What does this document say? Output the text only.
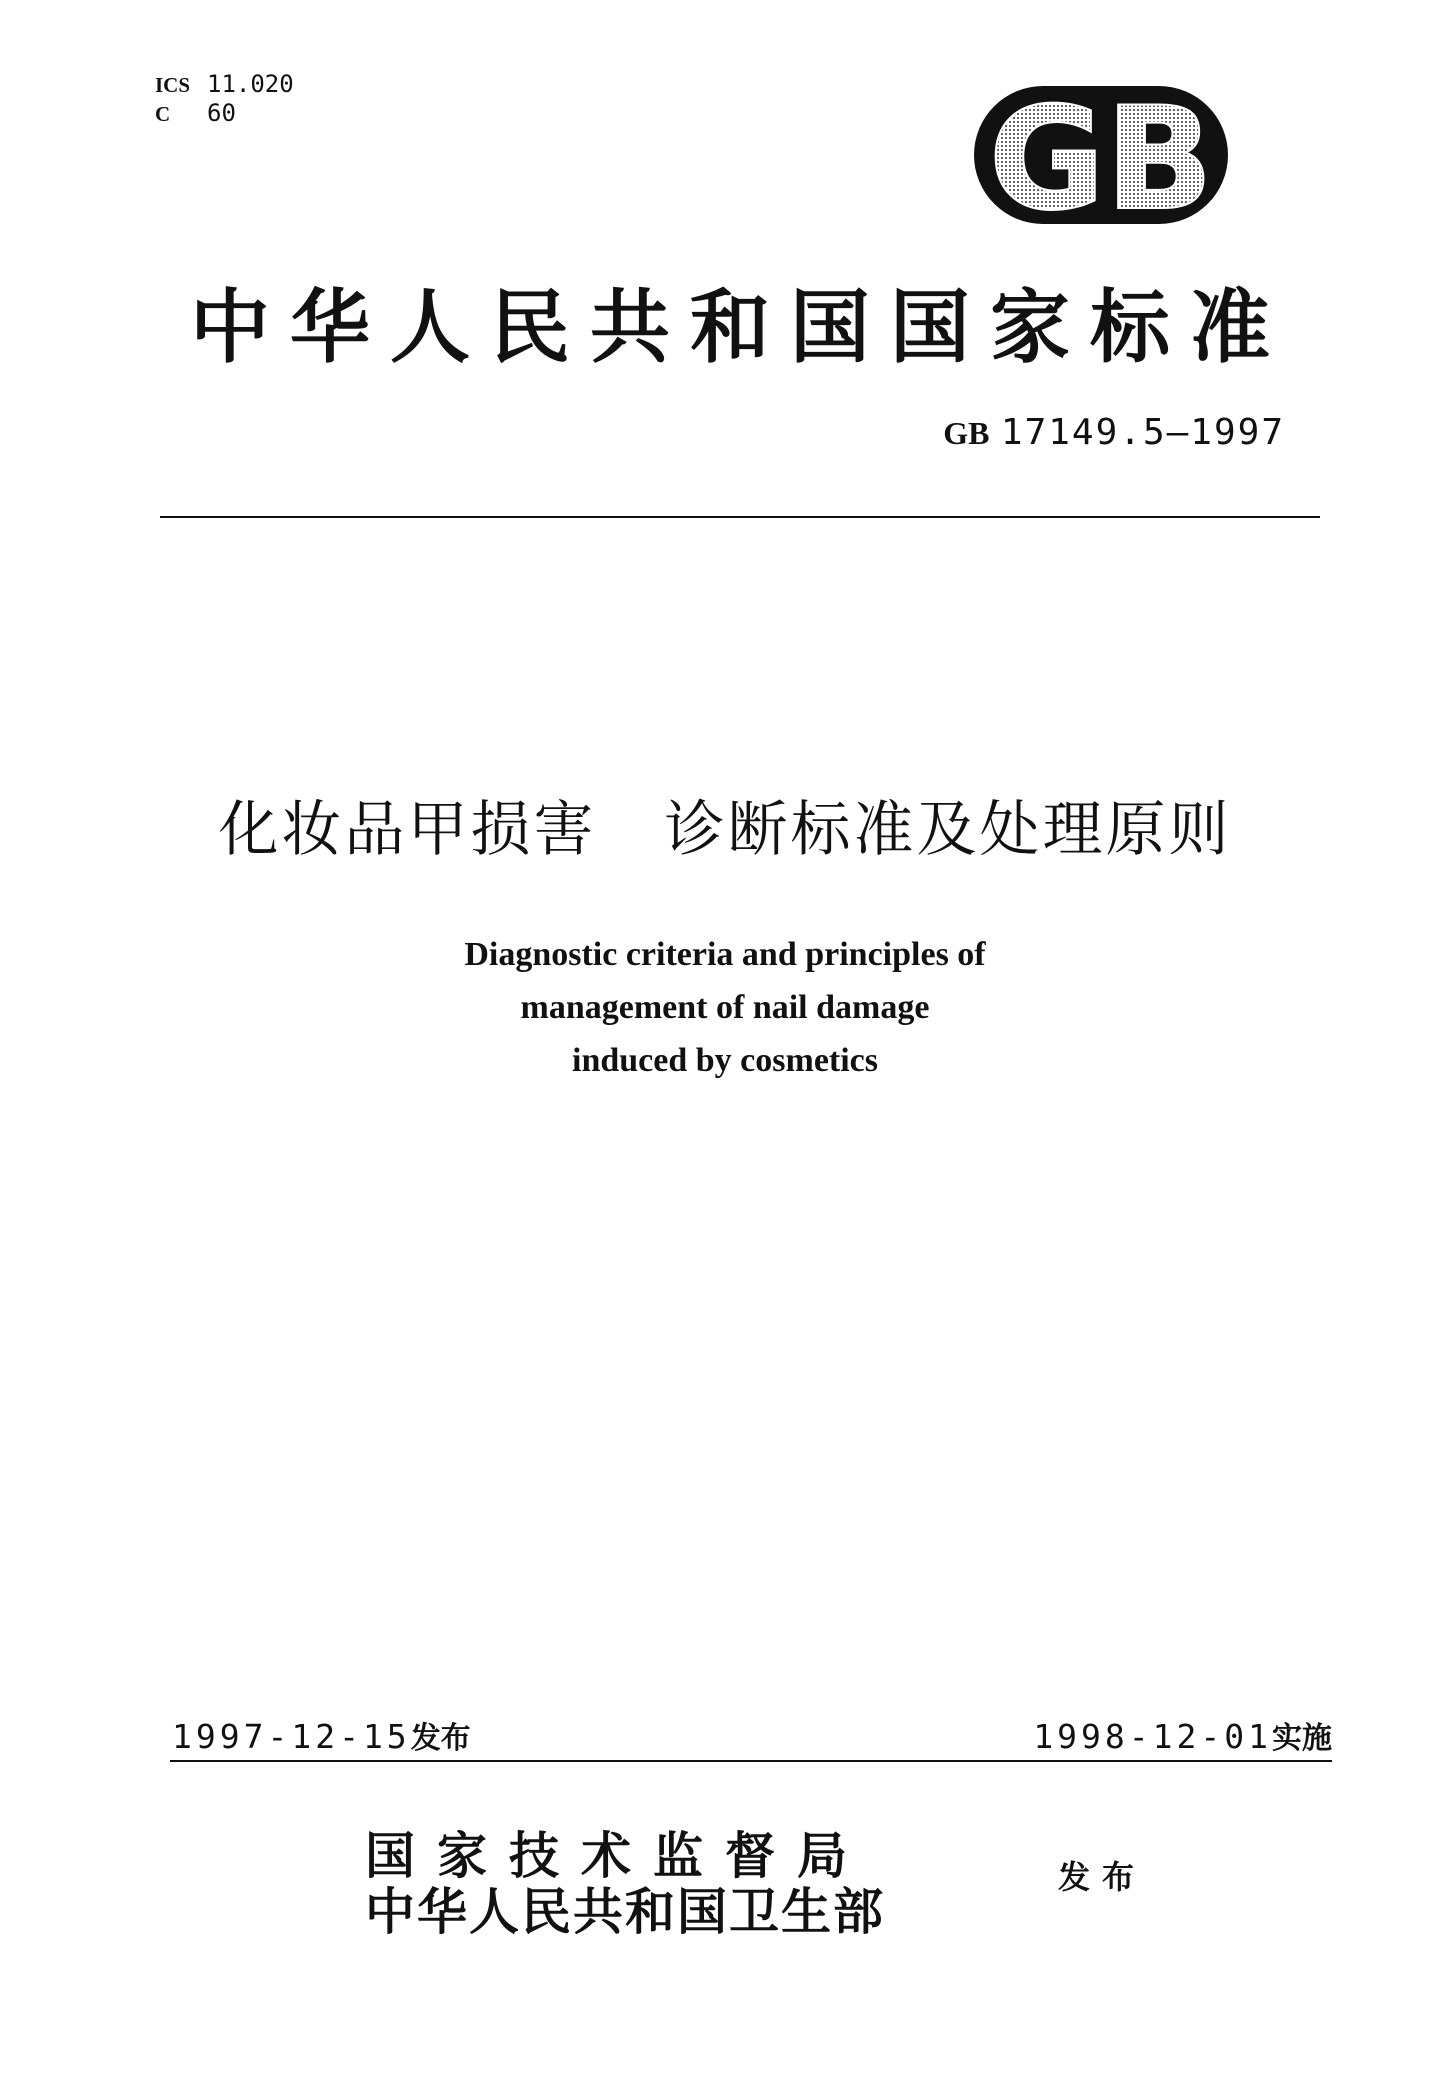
ICS 11.020
C 60	GB
中华人民共和国国家标准
GB 17149.5—1997
化妆品甲损害 诊断标准及处理原则
Diagnostic criteria and principles of
management of nail damage
induced by cosmetics
1997-12-15发布	1998-12-01实施
国家技术监督局
中华人民共和国卫生部
发布
